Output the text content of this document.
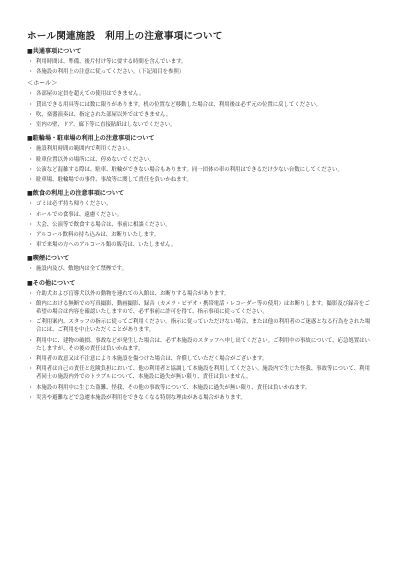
ホール関連施設　利用上の注意事項について
■共通事項について
・ 利用時間は、準備、後片付け等に要する時間を含んでいます。
・ 各施設の利用上の注意に従ってください。（下記項目を参照）
＜ホール＞
・ 各部屋の定員を超えての使用はできません。
・ 貸出できる用具等には数に限りがあります。机の位置など移動した場合は、利用後は必ず元の位置に戻してください。
・ 吹、楽器演奏は、指定された部屋以外ではできません。
・ 室内の壁、ドア、廊下等に直接貼紙はしないでください。
■駐輪場・駐車場の利用上の注意事項について
・ 施設利用時間の範囲内で利用ください。
・ 駐車位置以外の場所には、停めないでください。
・ 公演など混雑する際は、駐車、駐輪ができない場合もあります。同一団体の車の利用はできるだけ少ない台数にしてください。
・ 駐車場、駐輪場での事件、事故等に関して責任を負いかねます。
■飲食の利用上の注意事項について
・ ゴミは必ず持ち帰りください。
・ ホールでの食事は、遠慮ください。
・ 大会、公演等で飲食する場合は、事前に相談ください。
・ アルコール飲料の持ち込みは、お断りいたします。
・ 車で来場の方へのアルコール類の販売は、いたしません。
■喫煙について
・ 施設内及び、敷地内は全て禁煙です。
■その他について
・ 介助犬および盲導犬以外の動物を連れての入館は、お断りする場合があります。
・ 館内における無断での写真撮影、動画撮影、録音（カメラ・ビデオ・携帯電話・レコーダー等の使用）はお断りします。撮影及び録音をご希望の場合は内容を確認いたしますので、必ず事前に許可を得て、指示事項に従ってください。
・ ご利用案内、スタッフの指示に従ってご利用ください。指示に従っていただけない場合、または他の利用者のご迷惑となる行為をされた場合には、ご利用を中止いただくことがあります。
・ 利用中に、建物の破損、事故などが発生した場合は、必ず本施設のスタッフへ申し出てください。ご利用中の事故について、応急処置はいたしますが、その後の責任は負いかねます。
・ 利用者の故意又は不注意により本施設を傷つけた場合は、弁償していただく場合がございます。
・ 利用者は自己の責任と危険負担において、他の利用者と協調して本施設を利用してください。施設内で生じた怪我、事故等について、利用者同士の施設内外でのトラブルについて、本施設に過失が無い限り、責任は負いません。
・ 本施設の利用中に生じた盗難、怪我、その他の事故等について、本施設に過失が無い限り、責任は負いかねます。
・ 災害や避難などで急遽本施設が利用をできなくなる特別な理由がある場合があります。
